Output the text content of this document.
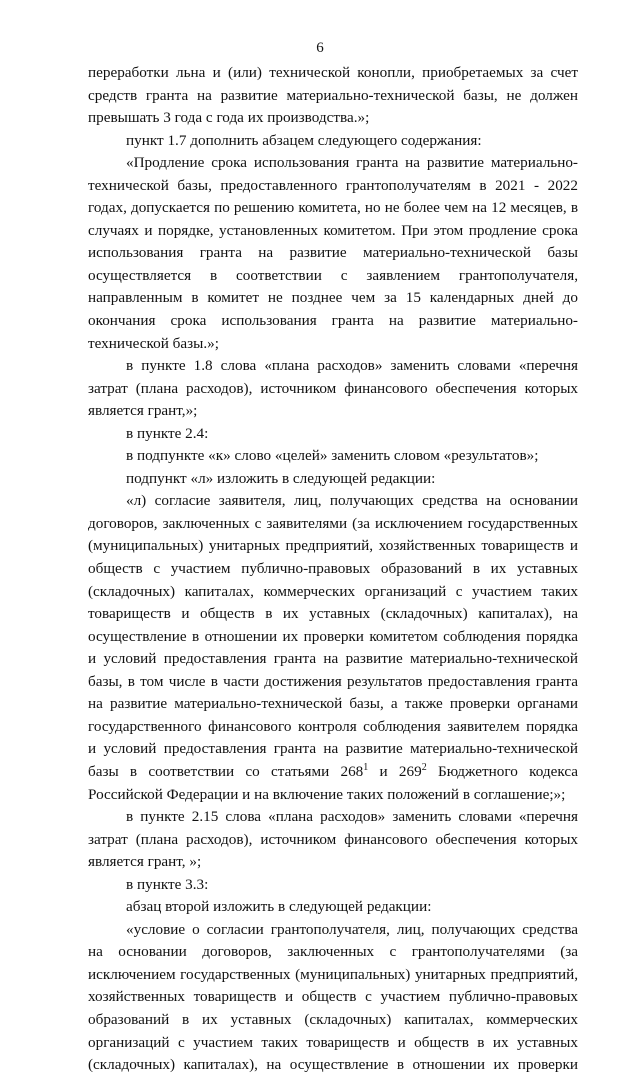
6
переработки льна и (или) технической конопли, приобретаемых за счет
средств гранта на развитие материально-технической базы, не должен
превышать 3 года с года их производства.»;
пункт 1.7 дополнить абзацем следующего содержания:
«Продление срока использования гранта на развитие материально-
технической базы, предоставленного грантополучателям в 2021 - 2022
годах, допускается по решению комитета, но не более чем на 12 месяцев, в
случаях и порядке, установленных комитетом. При этом продление срока
использования гранта на развитие материально-технической базы
осуществляется в соответствии с заявлением грантополучателя,
направленным в комитет не позднее чем за 15 календарных дней до
окончания срока использования гранта на развитие материально-
технической базы.»;
в пункте 1.8 слова «плана расходов» заменить словами «перечня
затрат (плана расходов), источником финансового обеспечения которых
является грант,»;
в пункте 2.4:
в подпункте «к» слово «целей» заменить словом «результатов»;
подпункт «л» изложить в следующей редакции:
«л) согласие заявителя, лиц, получающих средства на основании
договоров, заключенных с заявителями (за исключением государственных
(муниципальных) унитарных предприятий, хозяйственных товариществ и
обществ с участием публично-правовых образований в их уставных
(складочных) капиталах, коммерческих организаций с участием таких
товариществ и обществ в их уставных (складочных) капиталах), на
осуществление в отношении их проверки комитетом соблюдения порядка
и условий предоставления гранта на развитие материально-технической
базы, в том числе в части достижения результатов предоставления гранта
на развитие материально-технической базы, а также проверки органами
государственного финансового контроля соблюдения заявителем порядка
и условий предоставления гранта на развитие материально-технической
базы в соответствии со статьями $268^1$ и $269^2$ Бюджетного кодекса
Российской Федерации и на включение таких положений в соглашение;»;
в пункте 2.15 слова «плана расходов» заменить словами «перечня
затрат (плана расходов), источником финансового обеспечения которых
является грант, »;
в пункте 3.3:
абзац второй изложить в следующей редакции:
«условие о согласии грантополучателя, лиц, получающих средства
на основании договоров, заключенных с грантополучателями (за
исключением государственных (муниципальных) унитарных предприятий,
хозяйственных товариществ и обществ с участием публично-правовых
образований в их уставных (складочных) капиталах, коммерческих
организаций с участием таких товариществ и обществ в их уставных
(складочных) капиталах), на осуществление в отношении их проверки
